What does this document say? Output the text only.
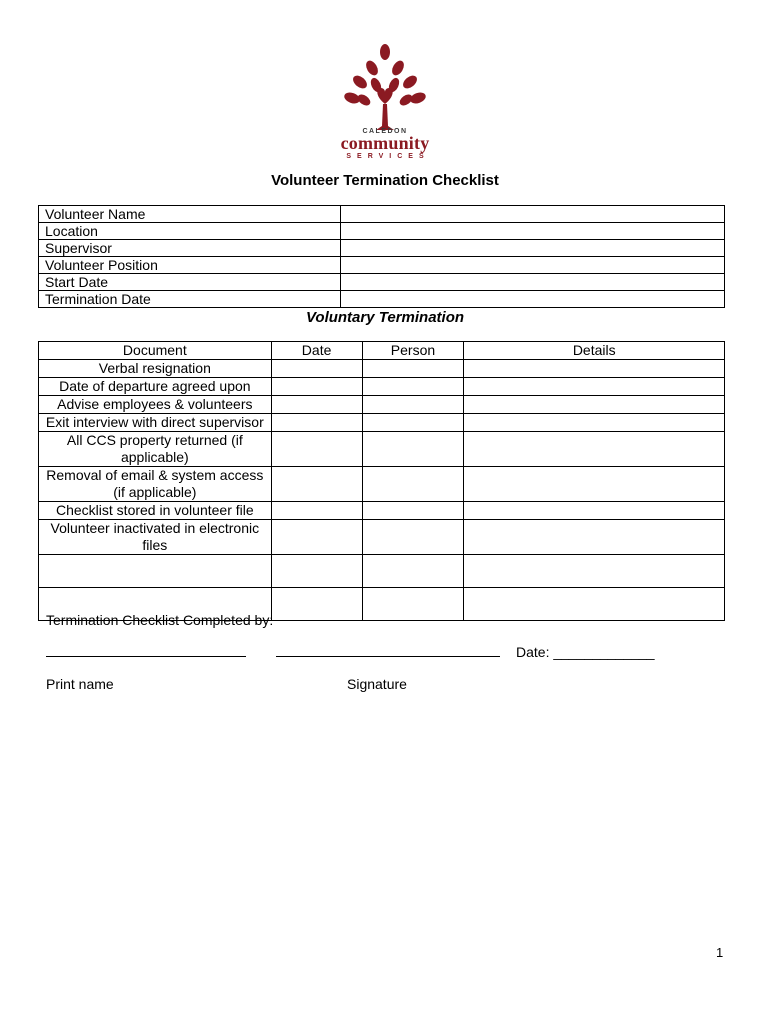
CALEDON
community
SERVICES
Volunteer Termination Checklist
Volunteer Name	
Location	
Supervisor	
Volunteer Position	
Start Date	
Termination Date	
Voluntary Termination
Document	Date	Person	Details
Verbal resignation			
Date of departure agreed upon			
Advise employees & volunteers			
Exit interview with direct supervisor			
All CCS property returned (if applicable)			
Removal of email & system access (if applicable)			
Checklist stored in volunteer file			
Volunteer inactivated in electronic files			

Termination Checklist Completed by:
Date: _____________
Print name	Signature
1
